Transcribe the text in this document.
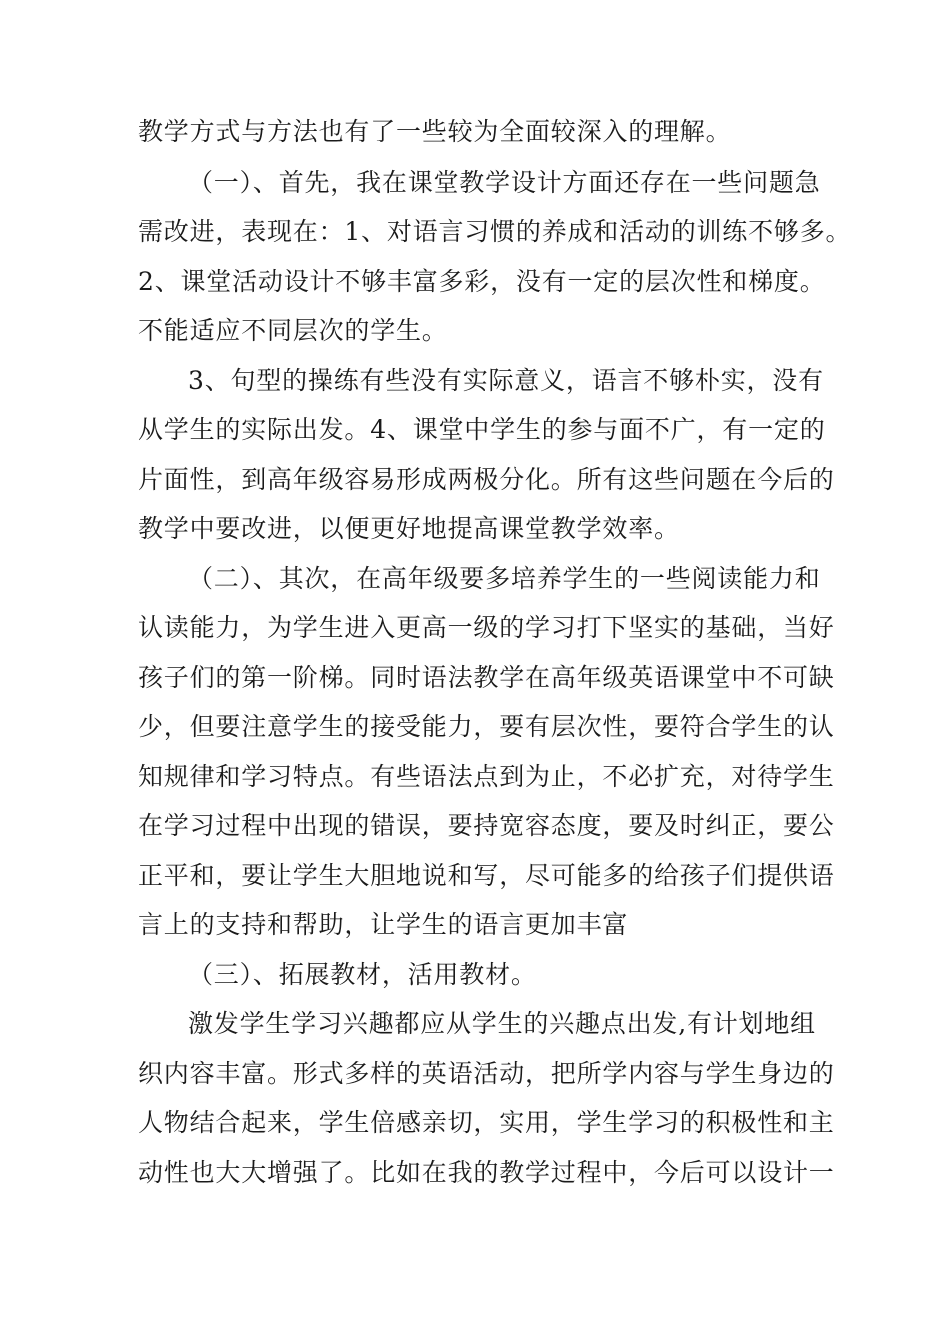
教学方式与方法也有了一些较为全面较深入的理解。
（一）、首先，我在课堂教学设计方面还存在一些问题急
需改进，表现在：1、对语言习惯的养成和活动的训练不够多。
2、课堂活动设计不够丰富多彩，没有一定的层次性和梯度。
不能适应不同层次的学生。
3、句型的操练有些没有实际意义，语言不够朴实，没有
从学生的实际出发。4、课堂中学生的参与面不广，有一定的
片面性，到高年级容易形成两极分化。所有这些问题在今后的
教学中要改进，以便更好地提高课堂教学效率。
（二）、其次，在高年级要多培养学生的一些阅读能力和
认读能力，为学生进入更高一级的学习打下坚实的基础，当好
孩子们的第一阶梯。同时语法教学在高年级英语课堂中不可缺
少，但要注意学生的接受能力，要有层次性，要符合学生的认
知规律和学习特点。有些语法点到为止，不必扩充，对待学生
在学习过程中出现的错误，要持宽容态度，要及时纠正，要公
正平和，要让学生大胆地说和写，尽可能多的给孩子们提供语
言上的支持和帮助，让学生的语言更加丰富
（三）、拓展教材，活用教材。
激发学生学习兴趣都应从学生的兴趣点出发,有计划地组
织内容丰富。形式多样的英语活动，把所学内容与学生身边的
人物结合起来，学生倍感亲切，实用，学生学习的积极性和主
动性也大大增强了。比如在我的教学过程中，今后可以设计一
